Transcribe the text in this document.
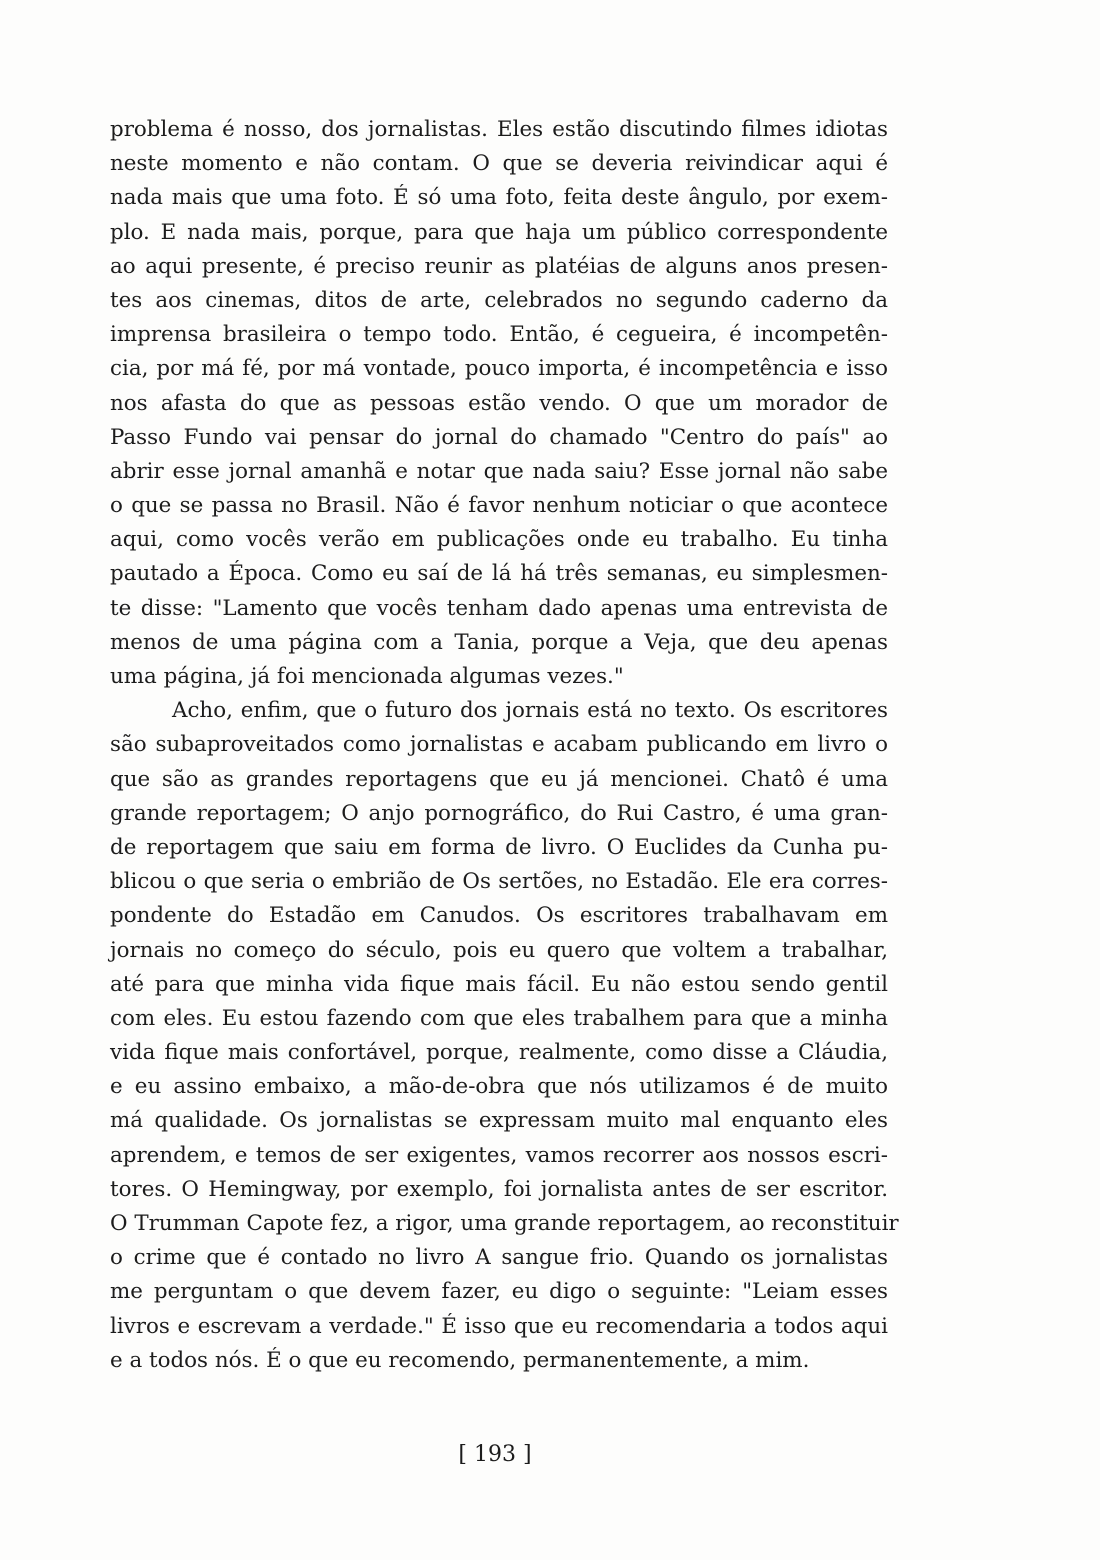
problema é nosso, dos jornalistas. Eles estão discutindo filmes idiotas
neste momento e não contam. O que se deveria reivindicar aqui é
nada mais que uma foto. É só uma foto, feita deste ângulo, por exem-
plo. E nada mais, porque, para que haja um público correspondente
ao aqui presente, é preciso reunir as platéias de alguns anos presen-
tes aos cinemas, ditos de arte, celebrados no segundo caderno da
imprensa brasileira o tempo todo. Então, é cegueira, é incompetên-
cia, por má fé, por má vontade, pouco importa, é incompetência e isso
nos afasta do que as pessoas estão vendo. O que um morador de
Passo Fundo vai pensar do jornal do chamado "Centro do país" ao
abrir esse jornal amanhã e notar que nada saiu? Esse jornal não sabe
o que se passa no Brasil. Não é favor nenhum noticiar o que acontece
aqui, como vocês verão em publicações onde eu trabalho. Eu tinha
pautado a Época. Como eu saí de lá há três semanas, eu simplesmen-
te disse: "Lamento que vocês tenham dado apenas uma entrevista de
menos de uma página com a Tania, porque a Veja, que deu apenas
uma página, já foi mencionada algumas vezes."
Acho, enfim, que o futuro dos jornais está no texto. Os escritores
são subaproveitados como jornalistas e acabam publicando em livro o
que são as grandes reportagens que eu já mencionei. Chatô é uma
grande reportagem; O anjo pornográfico, do Rui Castro, é uma gran-
de reportagem que saiu em forma de livro. O Euclides da Cunha pu-
blicou o que seria o embrião de Os sertões, no Estadão. Ele era corres-
pondente do Estadão em Canudos. Os escritores trabalhavam em
jornais no começo do século, pois eu quero que voltem a trabalhar,
até para que minha vida fique mais fácil. Eu não estou sendo gentil
com eles. Eu estou fazendo com que eles trabalhem para que a minha
vida fique mais confortável, porque, realmente, como disse a Cláudia,
e eu assino embaixo, a mão-de-obra que nós utilizamos é de muito
má qualidade. Os jornalistas se expressam muito mal enquanto eles
aprendem, e temos de ser exigentes, vamos recorrer aos nossos escri-
tores. O Hemingway, por exemplo, foi jornalista antes de ser escritor.
O Trumman Capote fez, a rigor, uma grande reportagem, ao reconstituir
o crime que é contado no livro A sangue frio. Quando os jornalistas
me perguntam o que devem fazer, eu digo o seguinte: "Leiam esses
livros e escrevam a verdade." É isso que eu recomendaria a todos aqui
e a todos nós. É o que eu recomendo, permanentemente, a mim.
[ 193 ]
